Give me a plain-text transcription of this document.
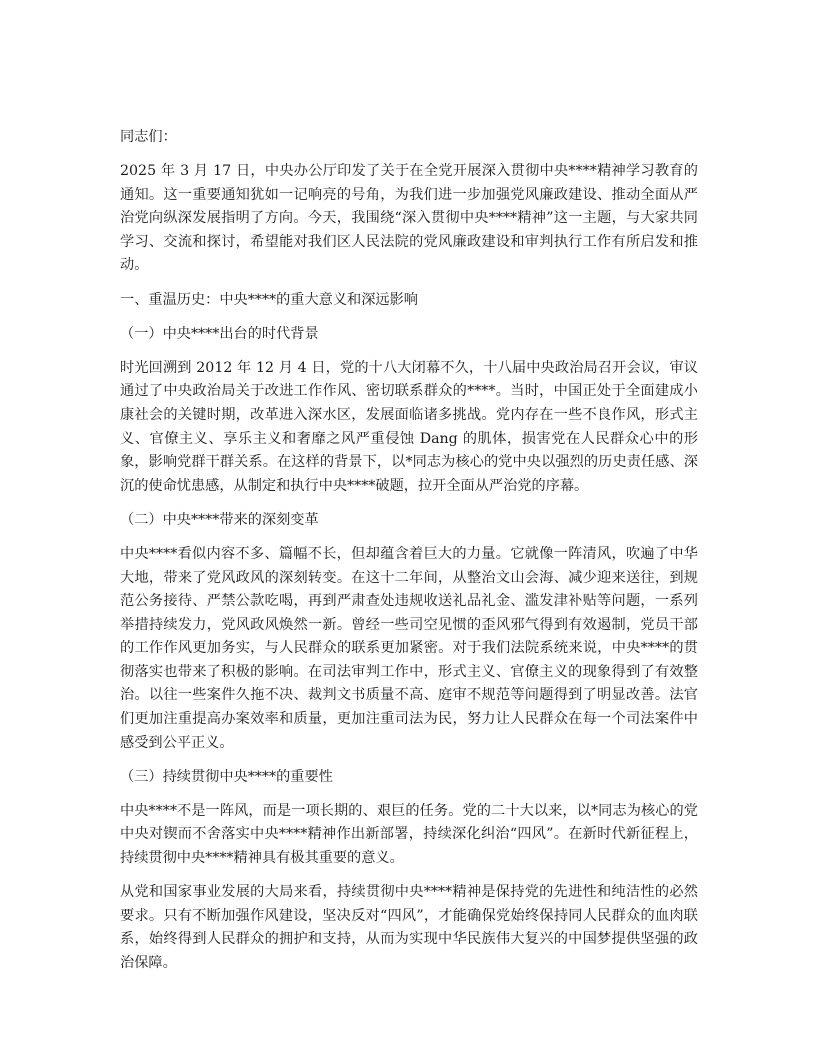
同志们：

2025 年 3 月 17 日，中央办公厅印发了关于在全党开展深入贯彻中央****精神学习教育的通知。这一重要通知犹如一记响亮的号角，为我们进一步加强党风廉政建设、推动全面从严治党向纵深发展指明了方向。今天，我围绕“深入贯彻中央****精神”这一主题，与大家共同学习、交流和探讨，希望能对我们区人民法院的党风廉政建设和审判执行工作有所启发和推动。

一、重温历史：中央****的重大意义和深远影响

（一）中央****出台的时代背景

时光回溯到 2012 年 12 月 4 日，党的十八大闭幕不久，十八届中央政治局召开会议，审议通过了中央政治局关于改进工作作风、密切联系群众的****。当时，中国正处于全面建成小康社会的关键时期，改革进入深水区，发展面临诸多挑战。党内存在一些不良作风，形式主义、官僚主义、享乐主义和奢靡之风严重侵蚀 Dang 的肌体，损害党在人民群众心中的形象，影响党群干群关系。在这样的背景下，以*同志为核心的党中央以强烈的历史责任感、深沉的使命忧患感，从制定和执行中央****破题，拉开全面从严治党的序幕。

（二）中央****带来的深刻变革

中央****看似内容不多、篇幅不长，但却蕴含着巨大的力量。它就像一阵清风，吹遍了中华大地，带来了党风政风的深刻转变。在这十二年间，从整治文山会海、减少迎来送往，到规范公务接待、严禁公款吃喝，再到严肃查处违规收送礼品礼金、滥发津补贴等问题，一系列举措持续发力，党风政风焕然一新。曾经一些司空见惯的歪风邪气得到有效遏制，党员干部的工作作风更加务实，与人民群众的联系更加紧密。对于我们法院系统来说，中央****的贯彻落实也带来了积极的影响。在司法审判工作中，形式主义、官僚主义的现象得到了有效整治。以往一些案件久拖不决、裁判文书质量不高、庭审不规范等问题得到了明显改善。法官们更加注重提高办案效率和质量，更加注重司法为民，努力让人民群众在每一个司法案件中感受到公平正义。

（三）持续贯彻中央****的重要性

中央****不是一阵风，而是一项长期的、艰巨的任务。党的二十大以来，以*同志为核心的党中央对锲而不舍落实中央****精神作出新部署，持续深化纠治“四风”。在新时代新征程上，持续贯彻中央****精神具有极其重要的意义。

从党和国家事业发展的大局来看，持续贯彻中央****精神是保持党的先进性和纯洁性的必然要求。只有不断加强作风建设，坚决反对“四风”，才能确保党始终保持同人民群众的血肉联系，始终得到人民群众的拥护和支持，从而为实现中华民族伟大复兴的中国梦提供坚强的政治保障。
